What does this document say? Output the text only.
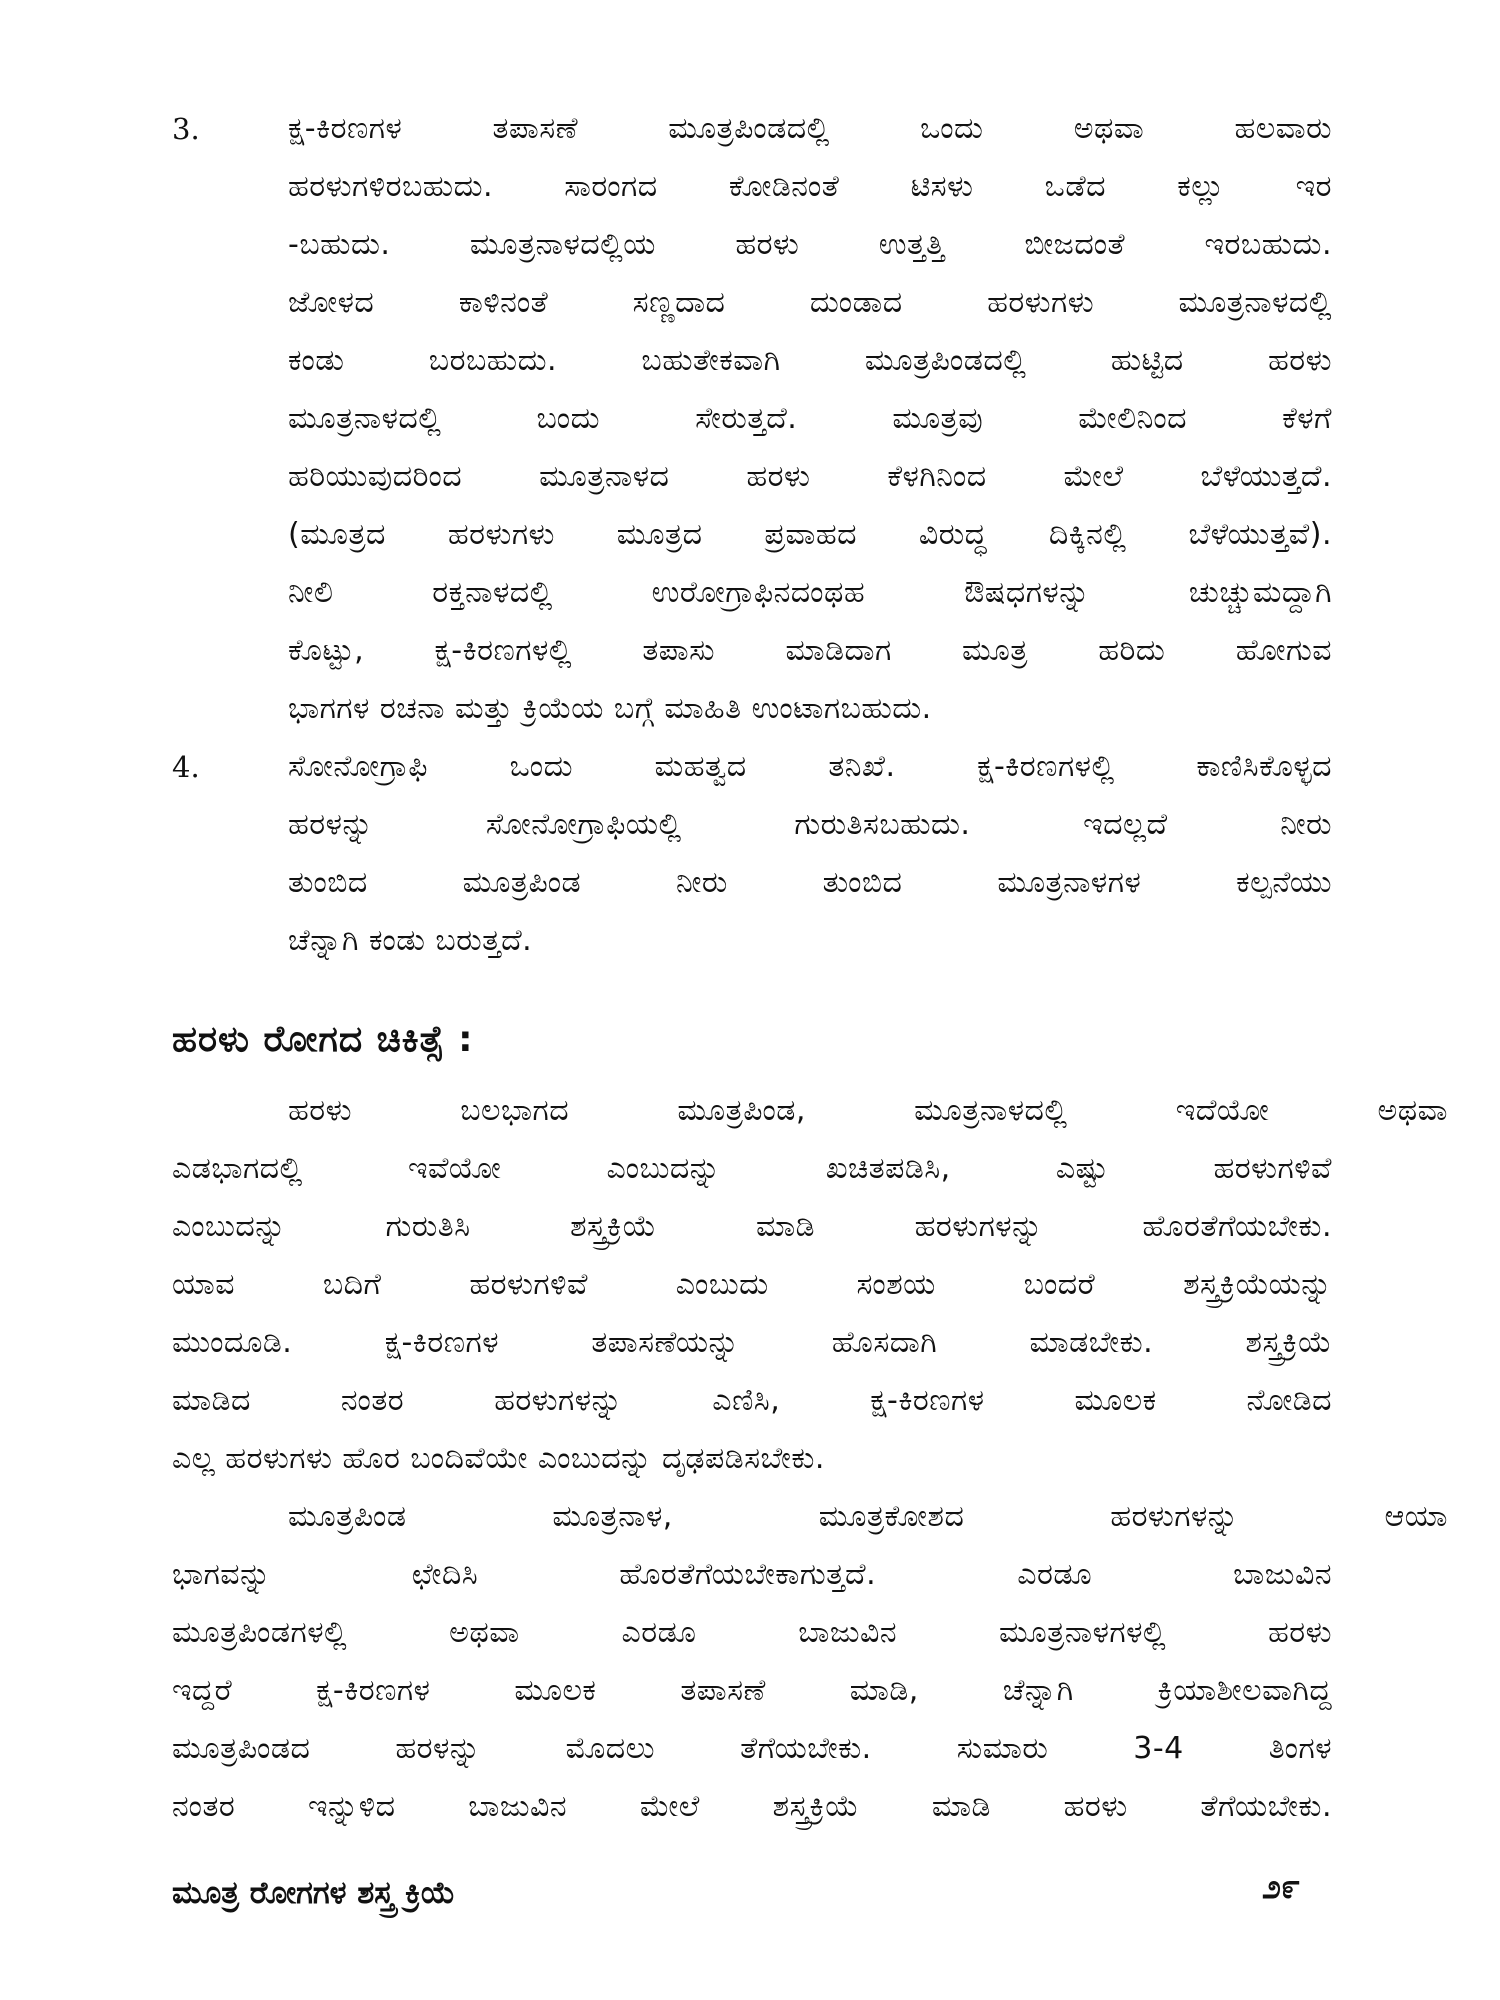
3.	ಕ್ಷ-ಕಿರಣಗಳ ತಪಾಸಣೆ ಮೂತ್ರಪಿಂಡದಲ್ಲಿ ಒಂದು ಅಥವಾ ಹಲವಾರು
ಹರಳುಗಳಿರಬಹುದು. ಸಾರಂಗದ ಕೋಡಿನಂತೆ ಟಿಸಳು ಒಡೆದ ಕಲ್ಲು ಇರ
-ಬಹುದು. ಮೂತ್ರನಾಳದಲ್ಲಿಯ ಹರಳು ಉತ್ತತ್ತಿ ಬೀಜದಂತೆ ಇರಬಹುದು.
ಜೋಳದ ಕಾಳಿನಂತೆ ಸಣ್ಣದಾದ ದುಂಡಾದ ಹರಳುಗಳು ಮೂತ್ರನಾಳದಲ್ಲಿ
ಕಂಡು ಬರಬಹುದು. ಬಹುತೇಕವಾಗಿ ಮೂತ್ರಪಿಂಡದಲ್ಲಿ ಹುಟ್ಟಿದ ಹರಳು
ಮೂತ್ರನಾಳದಲ್ಲಿ ಬಂದು ಸೇರುತ್ತದೆ. ಮೂತ್ರವು ಮೇಲಿನಿಂದ ಕೆಳಗೆ
ಹರಿಯುವುದರಿಂದ ಮೂತ್ರನಾಳದ ಹರಳು ಕೆಳಗಿನಿಂದ ಮೇಲೆ ಬೆಳೆಯುತ್ತದೆ.
(ಮೂತ್ರದ ಹರಳುಗಳು ಮೂತ್ರದ ಪ್ರವಾಹದ ವಿರುದ್ಧ ದಿಕ್ಕಿನಲ್ಲಿ ಬೆಳೆಯುತ್ತವೆ).
ನೀಲಿ ರಕ್ತನಾಳದಲ್ಲಿ ಉರೋಗ್ರಾಫಿನದಂಥಹ ಔಷಧಗಳನ್ನು ಚುಚ್ಚುಮದ್ದಾಗಿ
ಕೊಟ್ಟು, ಕ್ಷ-ಕಿರಣಗಳಲ್ಲಿ ತಪಾಸು ಮಾಡಿದಾಗ ಮೂತ್ರ ಹರಿದು ಹೋಗುವ
ಭಾಗಗಳ ರಚನಾ ಮತ್ತು ಕ್ರಿಯೆಯ ಬಗ್ಗೆ ಮಾಹಿತಿ ಉಂಟಾಗಬಹುದು.
4.	ಸೋನೋಗ್ರಾಫಿ ಒಂದು ಮಹತ್ವದ ತನಿಖೆ. ಕ್ಷ-ಕಿರಣಗಳಲ್ಲಿ ಕಾಣಿಸಿಕೊಳ್ಳದ
ಹರಳನ್ನು ಸೋನೋಗ್ರಾಫಿಯಲ್ಲಿ ಗುರುತಿಸಬಹುದು. ಇದಲ್ಲದೆ ನೀರು
ತುಂಬಿದ ಮೂತ್ರಪಿಂಡ ನೀರು ತುಂಬಿದ ಮೂತ್ರನಾಳಗಳ ಕಲ್ಪನೆಯು
ಚೆನ್ನಾಗಿ ಕಂಡು ಬರುತ್ತದೆ.
ಹರಳು ರೋಗದ ಚಿಕಿತ್ಸೆ :
ಹರಳು ಬಲಭಾಗದ ಮೂತ್ರಪಿಂಡ, ಮೂತ್ರನಾಳದಲ್ಲಿ ಇದೆಯೋ ಅಥವಾ
ಎಡಭಾಗದಲ್ಲಿ ಇವೆಯೋ ಎಂಬುದನ್ನು ಖಚಿತಪಡಿಸಿ, ಎಷ್ಟು ಹರಳುಗಳಿವೆ
ಎಂಬುದನ್ನು ಗುರುತಿಸಿ ಶಸ್ತ್ರಕ್ರಿಯೆ ಮಾಡಿ ಹರಳುಗಳನ್ನು ಹೊರತೆಗೆಯಬೇಕು.
ಯಾವ ಬದಿಗೆ ಹರಳುಗಳಿವೆ ಎಂಬುದು ಸಂಶಯ ಬಂದರೆ ಶಸ್ತ್ರಕ್ರಿಯೆಯನ್ನು
ಮುಂದೂಡಿ. ಕ್ಷ-ಕಿರಣಗಳ ತಪಾಸಣೆಯನ್ನು ಹೊಸದಾಗಿ ಮಾಡಬೇಕು. ಶಸ್ತ್ರಕ್ರಿಯೆ
ಮಾಡಿದ ನಂತರ ಹರಳುಗಳನ್ನು ಎಣಿಸಿ, ಕ್ಷ-ಕಿರಣಗಳ ಮೂಲಕ ನೋಡಿದ
ಎಲ್ಲ ಹರಳುಗಳು ಹೊರ ಬಂದಿವೆಯೇ ಎಂಬುದನ್ನು ದೃಢಪಡಿಸಬೇಕು.
ಮೂತ್ರಪಿಂಡ ಮೂತ್ರನಾಳ, ಮೂತ್ರಕೋಶದ ಹರಳುಗಳನ್ನು ಆಯಾ
ಭಾಗವನ್ನು ಛೇದಿಸಿ ಹೊರತೆಗೆಯಬೇಕಾಗುತ್ತದೆ. ಎರಡೂ ಬಾಜುವಿನ
ಮೂತ್ರಪಿಂಡಗಳಲ್ಲಿ ಅಥವಾ ಎರಡೂ ಬಾಜುವಿನ ಮೂತ್ರನಾಳಗಳಲ್ಲಿ ಹರಳು
ಇದ್ದರೆ ಕ್ಷ-ಕಿರಣಗಳ ಮೂಲಕ ತಪಾಸಣೆ ಮಾಡಿ, ಚೆನ್ನಾಗಿ ಕ್ರಿಯಾಶೀಲವಾಗಿದ್ದ
ಮೂತ್ರಪಿಂಡದ ಹರಳನ್ನು ಮೊದಲು ತೆಗೆಯಬೇಕು. ಸುಮಾರು 3-4 ತಿಂಗಳ
ನಂತರ ಇನ್ನುಳಿದ ಬಾಜುವಿನ ಮೇಲೆ ಶಸ್ತ್ರಕ್ರಿಯೆ ಮಾಡಿ ಹರಳು ತೆಗೆಯಬೇಕು.
ಮೂತ್ರ ರೋಗಗಳ ಶಸ್ತ್ರ ಕ್ರಿಯೆ	೨೯
